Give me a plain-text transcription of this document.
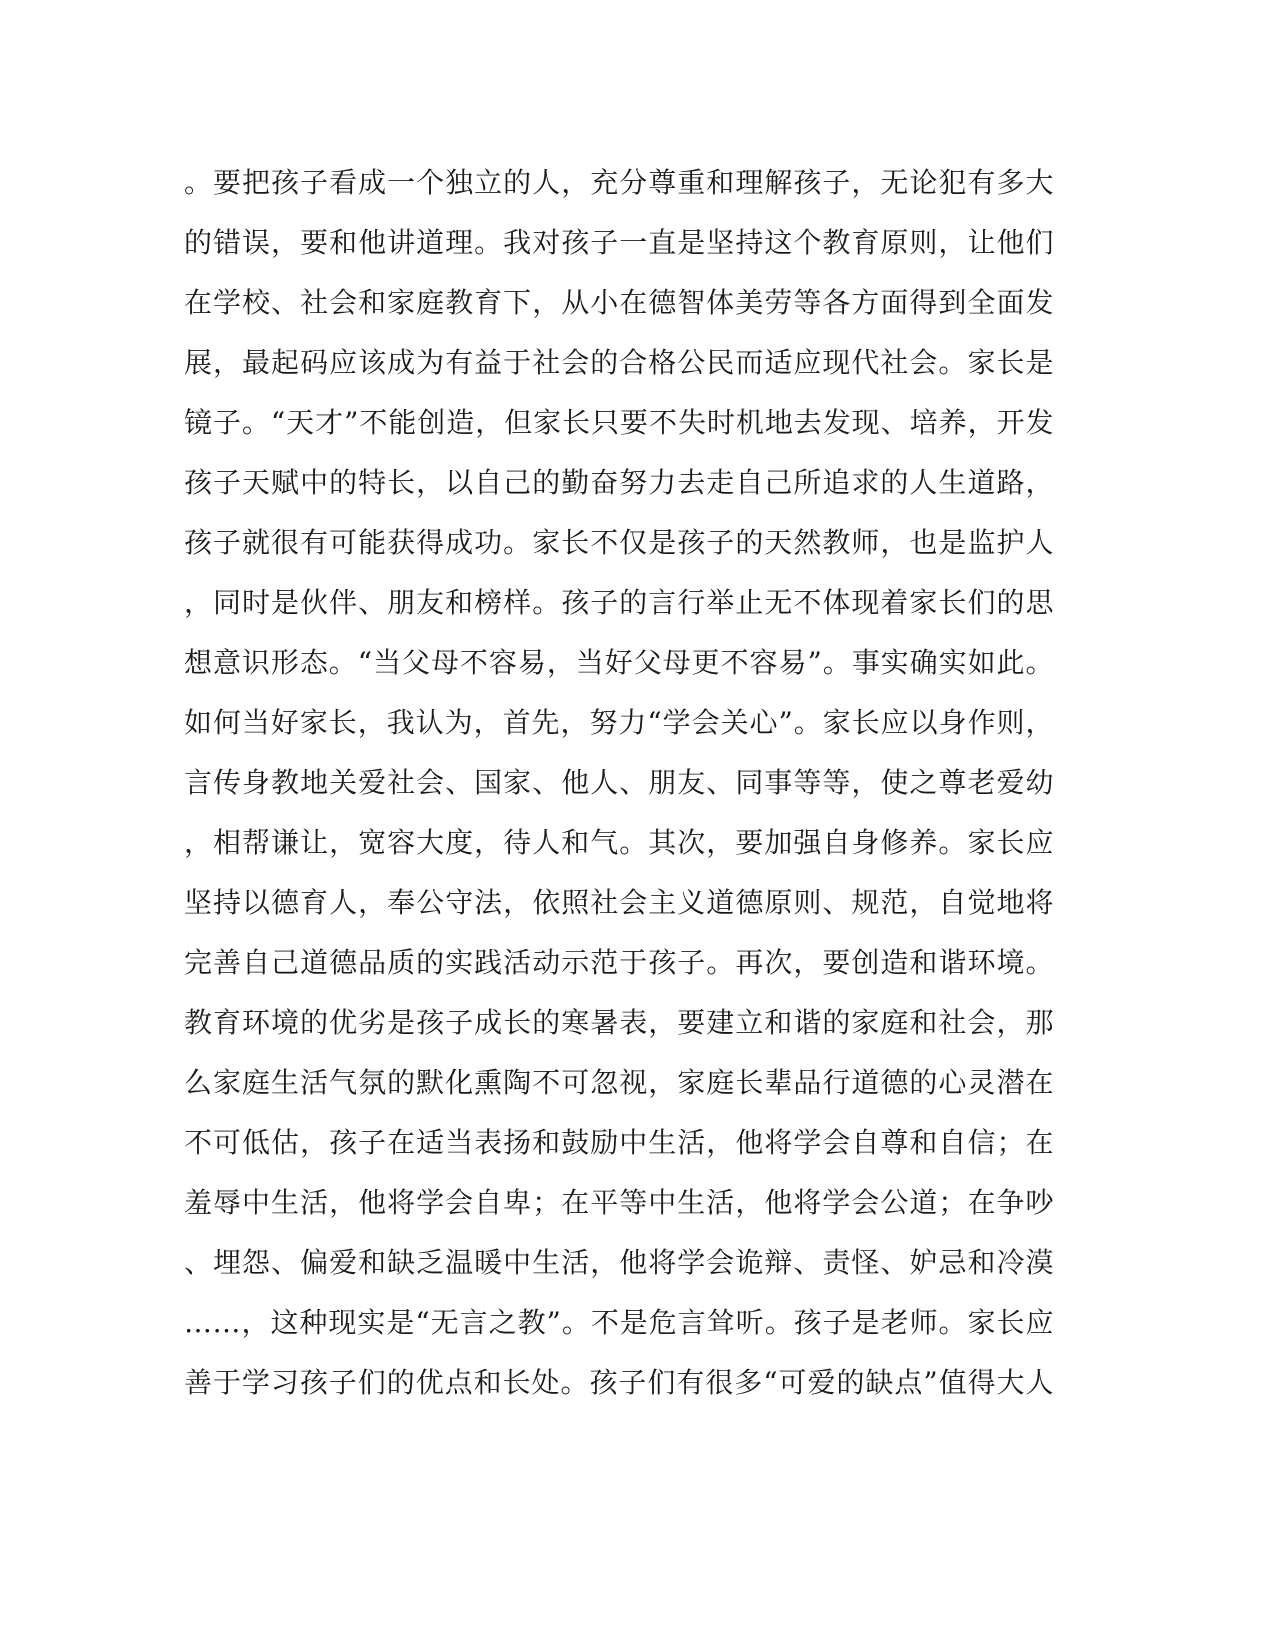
。要把孩子看成一个独立的人，充分尊重和理解孩子，无论犯有多大
的错误，要和他讲道理。我对孩子一直是坚持这个教育原则，让他们
在学校、社会和家庭教育下，从小在德智体美劳等各方面得到全面发
展，最起码应该成为有益于社会的合格公民而适应现代社会。家长是
镜子。“天才”不能创造，但家长只要不失时机地去发现、培养，开发
孩子天赋中的特长，以自己的勤奋努力去走自己所追求的人生道路，
孩子就很有可能获得成功。家长不仅是孩子的天然教师，也是监护人
，同时是伙伴、朋友和榜样。孩子的言行举止无不体现着家长们的思
想意识形态。“当父母不容易，当好父母更不容易”。事实确实如此。
如何当好家长，我认为，首先，努力“学会关心”。家长应以身作则，
言传身教地关爱社会、国家、他人、朋友、同事等等，使之尊老爱幼
，相帮谦让，宽容大度，待人和气。其次，要加强自身修养。家长应
坚持以德育人，奉公守法，依照社会主义道德原则、规范，自觉地将
完善自己道德品质的实践活动示范于孩子。再次，要创造和谐环境。
教育环境的优劣是孩子成长的寒暑表，要建立和谐的家庭和社会，那
么家庭生活气氛的默化熏陶不可忽视，家庭长辈品行道德的心灵潜在
不可低估，孩子在适当表扬和鼓励中生活，他将学会自尊和自信；在
羞辱中生活，他将学会自卑；在平等中生活，他将学会公道；在争吵
、埋怨、偏爱和缺乏温暖中生活，他将学会诡辩、责怪、妒忌和冷漠
……，这种现实是“无言之教”。不是危言耸听。孩子是老师。家长应
善于学习孩子们的优点和长处。孩子们有很多“可爱的缺点”值得大人
